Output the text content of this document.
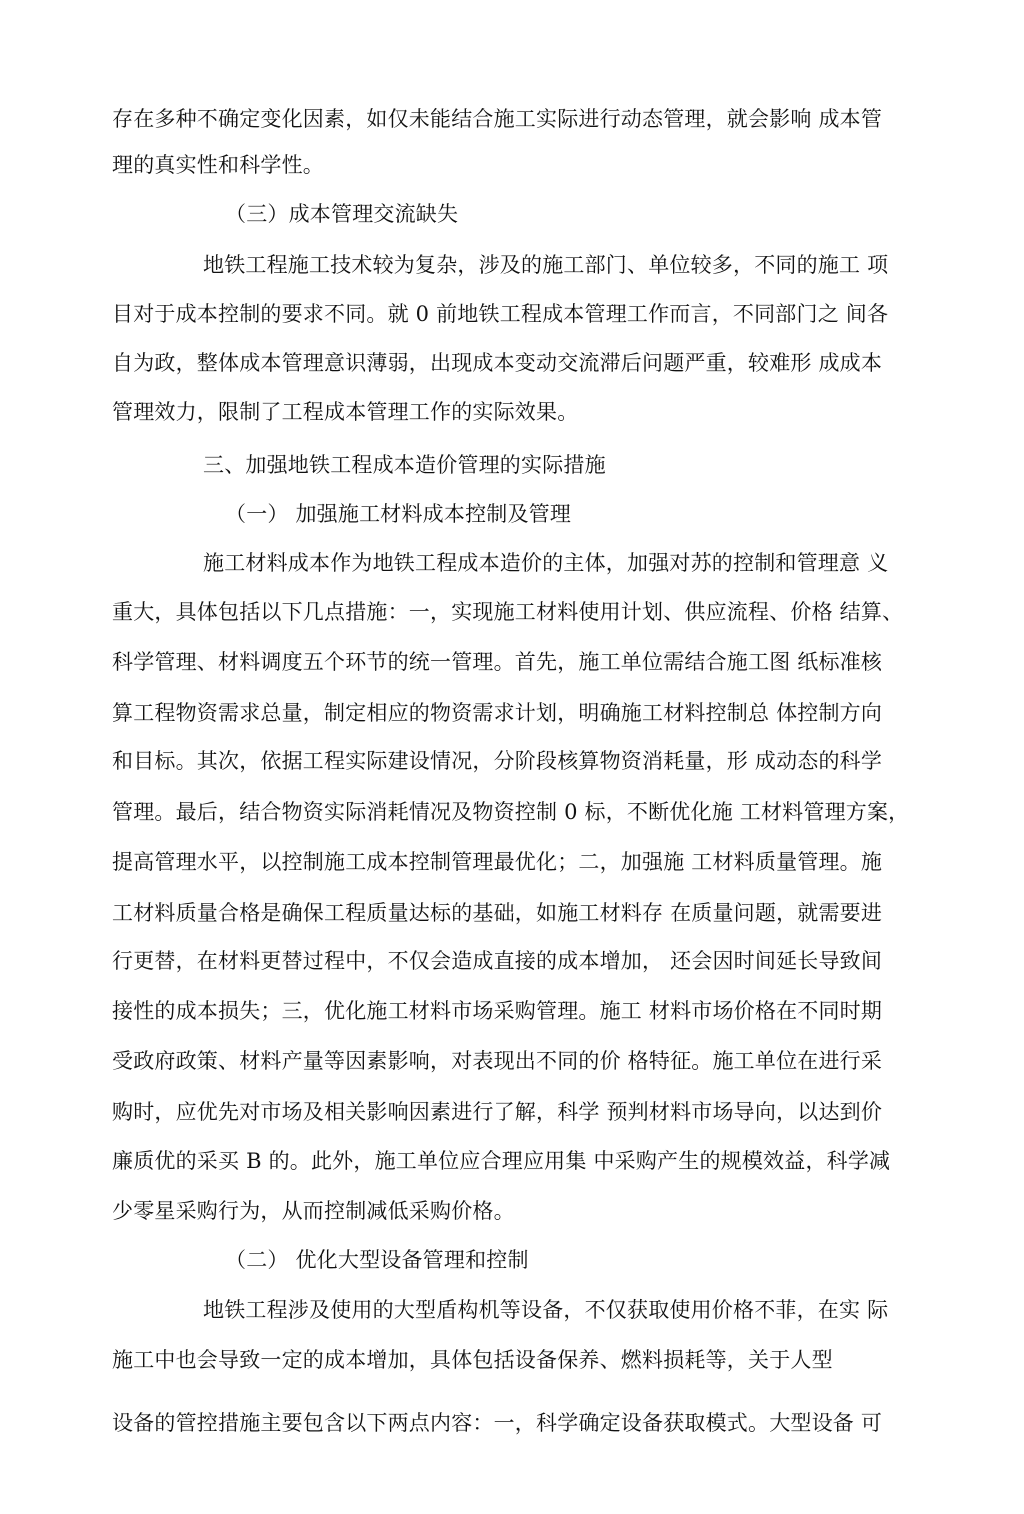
存在多种不确定变化因素，如仅未能结合施工实际进行动态管理，就会影响 成本管
理的真实性和科学性。
（三）成本管理交流缺失
地铁工程施工技术较为复杂，涉及的施工部门、单位较多，不同的施工 项
目对于成本控制的要求不同。就 0 前地铁工程成本管理工作而言，不同部门之 间各
自为政，整体成本管理意识薄弱，出现成本变动交流滞后问题严重，较难形 成成本
管理效力，限制了工程成本管理工作的实际效果。
三、加强地铁工程成本造价管理的实际措施
（一） 加强施工材料成本控制及管理
施工材料成本作为地铁工程成本造价的主体，加强对苏的控制和管理意 义
重大，具体包括以下几点措施：一，实现施工材料使用计划、供应流程、价格 结算、
科学管理、材料调度五个环节的统一管理。首先，施工单位需结合施工图 纸标准核
算工程物资需求总量，制定相应的物资需求计划，明确施工材料控制总 体控制方向
和目标。其次，依据工程实际建设情况，分阶段核算物资消耗量，形 成动态的科学
管理。最后，结合物资实际消耗情况及物资控制 0 标，不断优化施 工材料管理方案，
提高管理水平，以控制施工成本控制管理最优化；二，加强施 工材料质量管理。施
工材料质量合格是确保工程质量达标的基础，如施工材料存 在质量问题，就需要进
行更替，在材料更替过程中，不仅会造成直接的成本增加， 还会因时间延长导致间
接性的成本损失；三，优化施工材料市场采购管理。施工 材料市场价格在不同时期
受政府政策、材料产量等因素影响，对表现出不同的价 格特征。施工单位在进行采
购时，应优先对市场及相关影响因素进行了解，科学 预判材料市场导向，以达到价
廉质优的采买 B 的。此外，施工单位应合理应用集 中采购产生的规模效益，科学减
少零星采购行为，从而控制减低采购价格。
（二） 优化大型设备管理和控制
地铁工程涉及使用的大型盾构机等设备，不仅获取使用价格不菲，在实 际
施工中也会导致一定的成本增加，具体包括设备保养、燃料损耗等，关于人型
设备的管控措施主要包含以下两点内容：一，科学确定设备获取模式。大型设备 可
